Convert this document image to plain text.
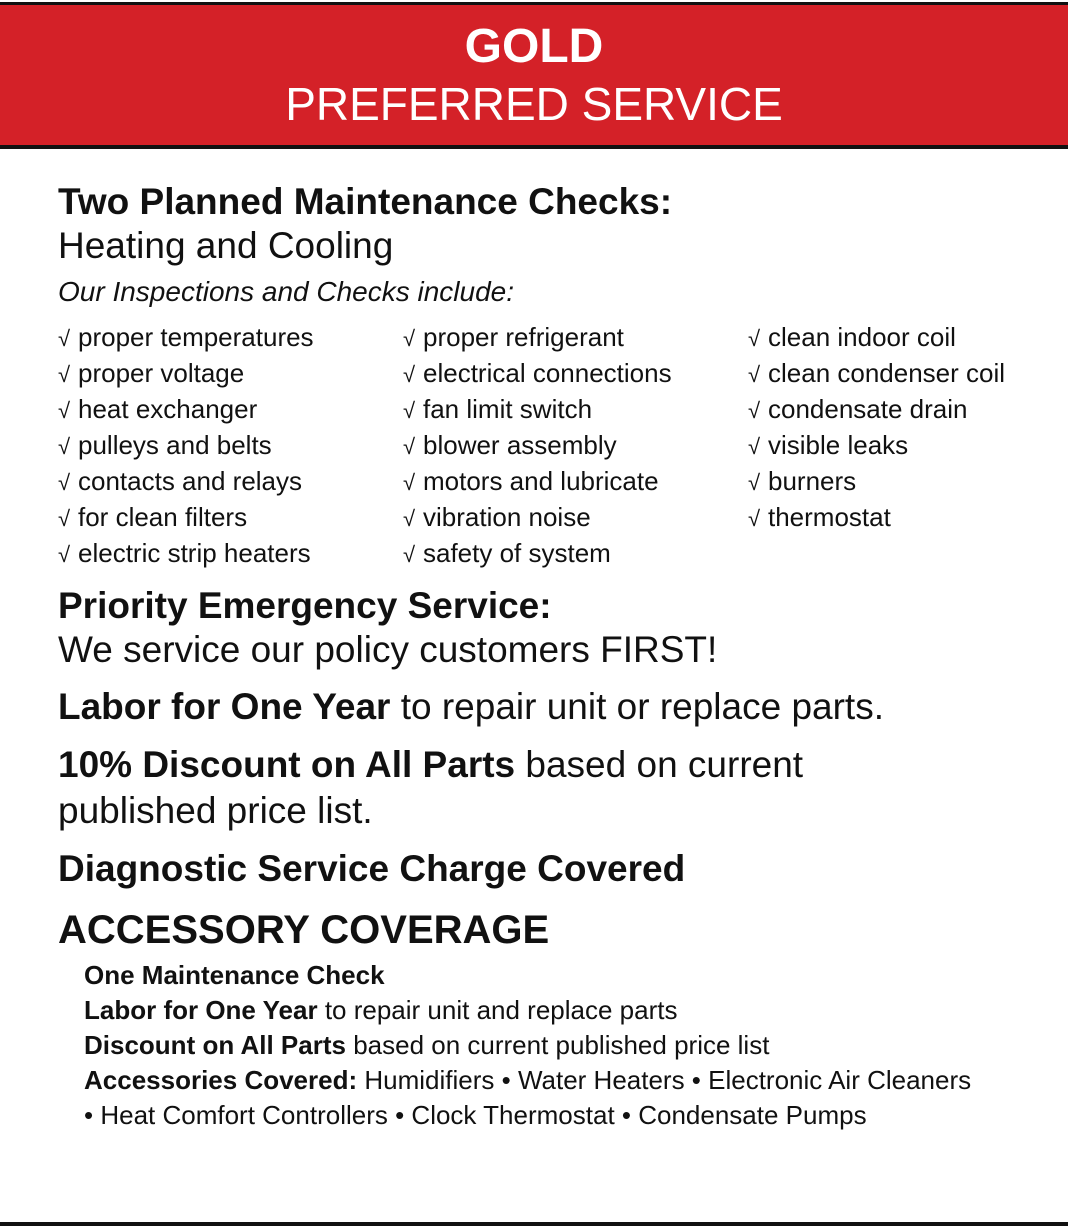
GOLD
PREFERRED SERVICE
Two Planned Maintenance Checks:
Heating and Cooling
Our Inspections and Checks include:
√ proper temperatures
√ proper voltage
√ heat exchanger
√ pulleys and belts
√ contacts and relays
√ for clean filters
√ electric strip heaters
√ proper refrigerant
√ electrical connections
√ fan limit switch
√ blower assembly
√ motors and lubricate
√ vibration noise
√ safety of system
√ clean indoor coil
√ clean condenser coil
√ condensate drain
√ visible leaks
√ burners
√ thermostat
Priority Emergency Service:
We service our policy customers FIRST!
Labor for One Year to repair unit or replace parts.
10% Discount on All Parts based on current
published price list.
Diagnostic Service Charge Covered
ACCESSORY COVERAGE
One Maintenance Check
Labor for One Year to repair unit and replace parts
Discount on All Parts based on current published price list
Accessories Covered: Humidifiers • Water Heaters • Electronic Air Cleaners
• Heat Comfort Controllers • Clock Thermostat • Condensate Pumps
